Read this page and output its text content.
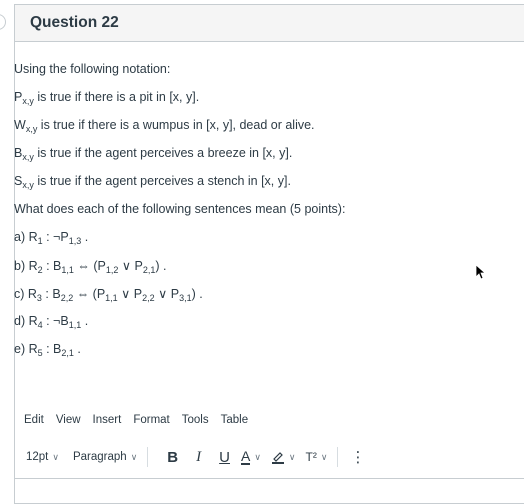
Question 22
Using the following notation:
$P_{x,y}$ is true if there is a pit in [x, y].
$W_{x,y}$ is true if there is a wumpus in [x, y], dead or alive.
$B_{x,y}$ is true if the agent perceives a breeze in [x, y].
$S_{x,y}$ is true if the agent perceives a stench in [x, y].
What does each of the following sentences mean (5 points):
a) $R_1$ : $\neg P_{1,3}$ .
b) $R_2$ : $B_{1,1}$ ⇔ ($P_{1,2}$ ∨ $P_{2,1}$) .
c) $R_3$ : $B_{2,2}$ ⇔ ($P_{1,1}$ ∨ $P_{2,2}$ ∨ $P_{3,1}$) .
d) $R_4$ : $\neg B_{1,1}$ .
e) $R_5$ : $B_{2,1}$ .
Edit View Insert Format Tools Table
12pt ∨ Paragraph ∨ B I U A ∨	∨ T² ∨ ⋮
